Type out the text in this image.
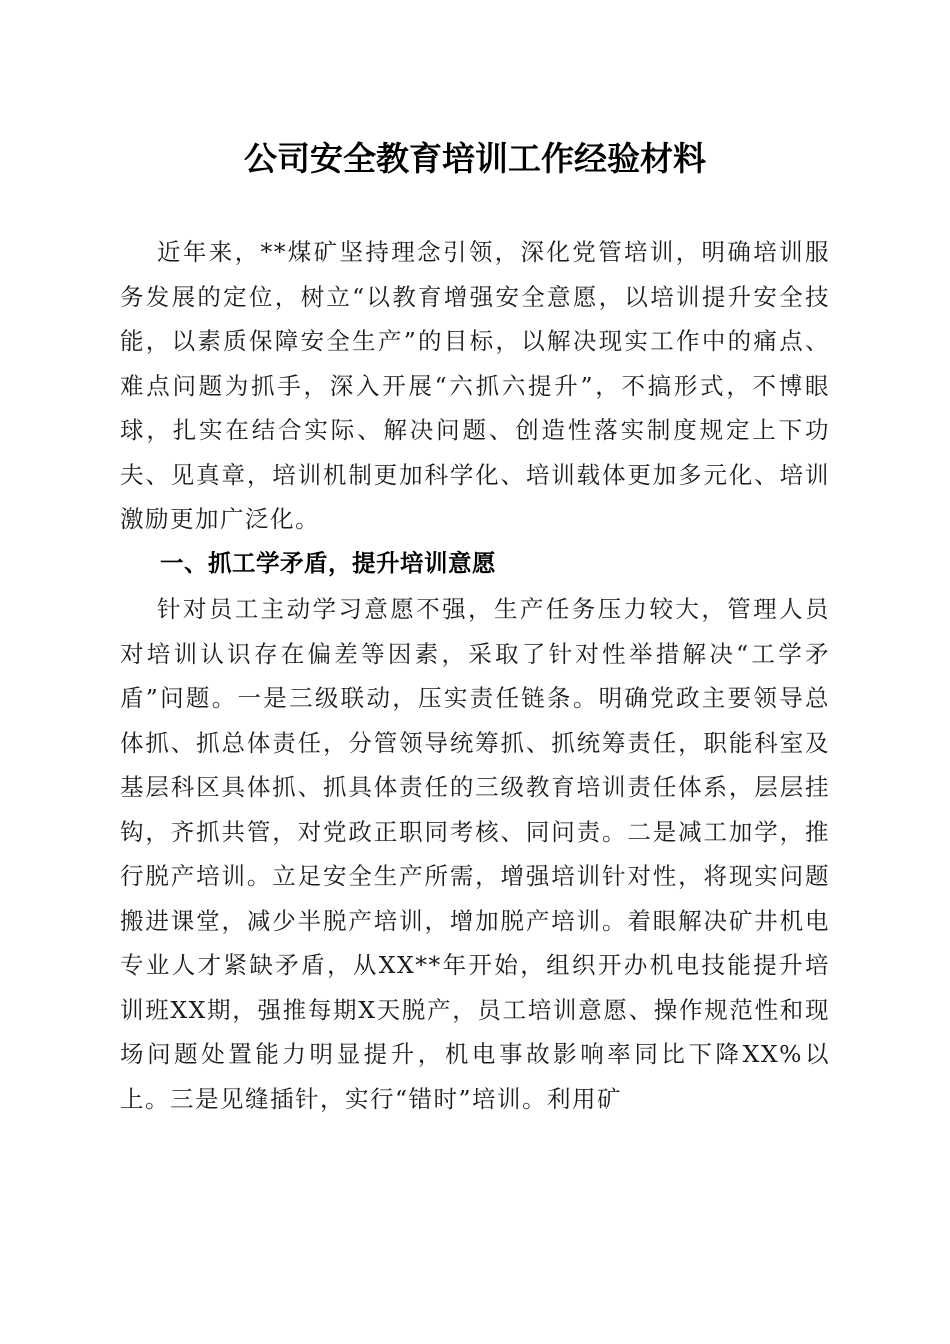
公司安全教育培训工作经验材料

近年来，**煤矿坚持理念引领，深化党管培训，明确培训服务发展的定位，树立“以教育增强安全意愿，以培训提升安全技能，以素质保障安全生产”的目标，以解决现实工作中的痛点、难点问题为抓手，深入开展“六抓六提升”，不搞形式，不博眼球，扎实在结合实际、解决问题、创造性落实制度规定上下功夫、见真章，培训机制更加科学化、培训载体更加多元化、培训激励更加广泛化。

一、抓工学矛盾，提升培训意愿

针对员工主动学习意愿不强，生产任务压力较大，管理人员对培训认识存在偏差等因素，采取了针对性举措解决“工学矛盾”问题。一是三级联动，压实责任链条。明确党政主要领导总体抓、抓总体责任，分管领导统筹抓、抓统筹责任，职能科室及基层科区具体抓、抓具体责任的三级教育培训责任体系，层层挂钩，齐抓共管，对党政正职同考核、同问责。二是减工加学，推行脱产培训。立足安全生产所需，增强培训针对性，将现实问题搬进课堂，减少半脱产培训，增加脱产培训。着眼解决矿井机电专业人才紧缺矛盾，从XX**年开始，组织开办机电技能提升培训班XX期，强推每期X天脱产，员工培训意愿、操作规范性和现场问题处置能力明显提升，机电事故影响率同比下降XX%以上。三是见缝插针，实行“错时”培训。利用矿
